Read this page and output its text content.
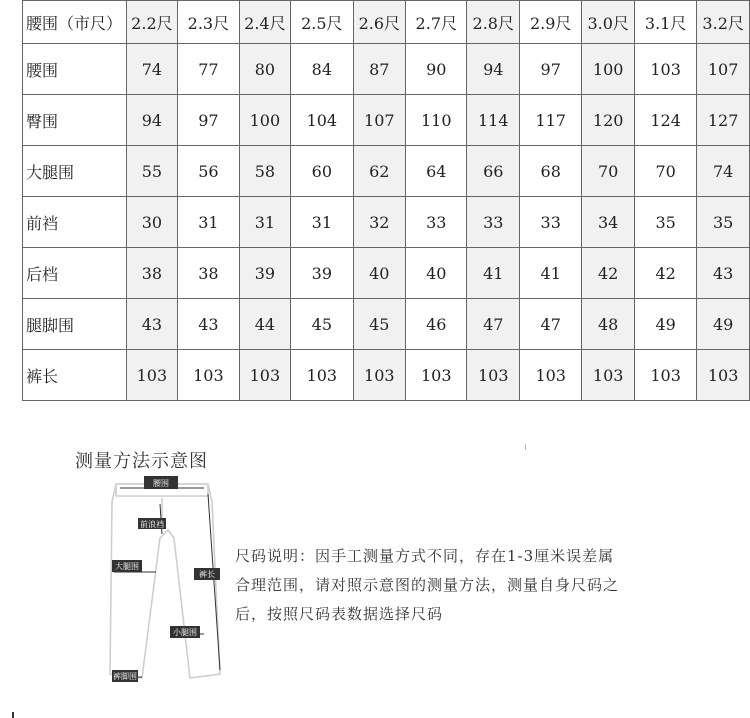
腰围（市尺）	2.2尺	2.3尺	2.4尺	2.5尺	2.6尺	2.7尺	2.8尺	2.9尺	3.0尺	3.1尺	3.2尺
腰围	74	77	80	84	87	90	94	97	100	103	107
臀围	94	97	100	104	107	110	114	117	120	124	127
大腿围	55	56	58	60	62	64	66	68	70	70	74
前裆	30	31	31	31	32	33	33	33	34	35	35
后档	38	38	39	39	40	40	41	41	42	42	43
腿脚围	43	43	44	45	45	46	47	47	48	49	49
裤长	103	103	103	103	103	103	103	103	103	103	103
测量方法示意图
腰围
前浪裆
大腿围
裤长
小腿围
裤脚围
尺码说明：因手工测量方式不同，存在1-3厘米误差属
合理范围，请对照示意图的测量方法，测量自身尺码之
后，按照尺码表数据选择尺码
